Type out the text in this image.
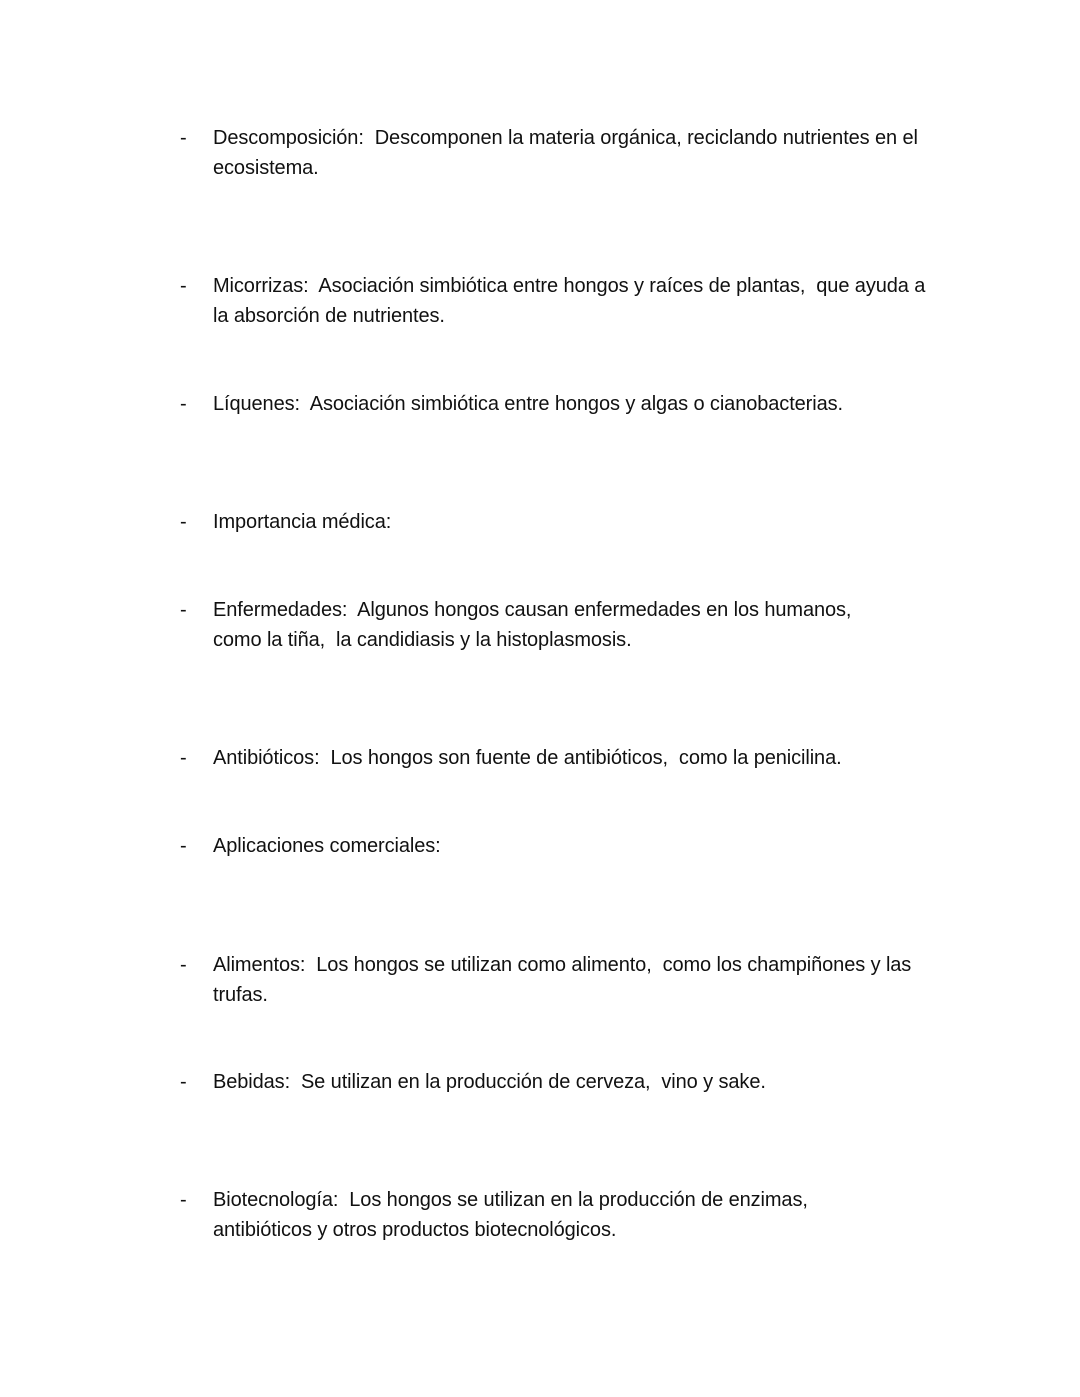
- Descomposición:  Descomponen la materia orgánica, reciclando nutrientes en el ecosistema.
- Micorrizas:  Asociación simbiótica entre hongos y raíces de plantas,  que ayuda a la absorción de nutrientes.
- Líquenes:  Asociación simbiótica entre hongos y algas o cianobacterias.
- Importancia médica:
- Enfermedades:  Algunos hongos causan enfermedades en los humanos, como la tiña,  la candidiasis y la histoplasmosis.
- Antibióticos:  Los hongos son fuente de antibióticos,  como la penicilina.
- Aplicaciones comerciales:
- Alimentos:  Los hongos se utilizan como alimento,  como los champiñones y las trufas.
- Bebidas:  Se utilizan en la producción de cerveza,  vino y sake.
- Biotecnología:  Los hongos se utilizan en la producción de enzimas, antibióticos y otros productos biotecnológicos.
